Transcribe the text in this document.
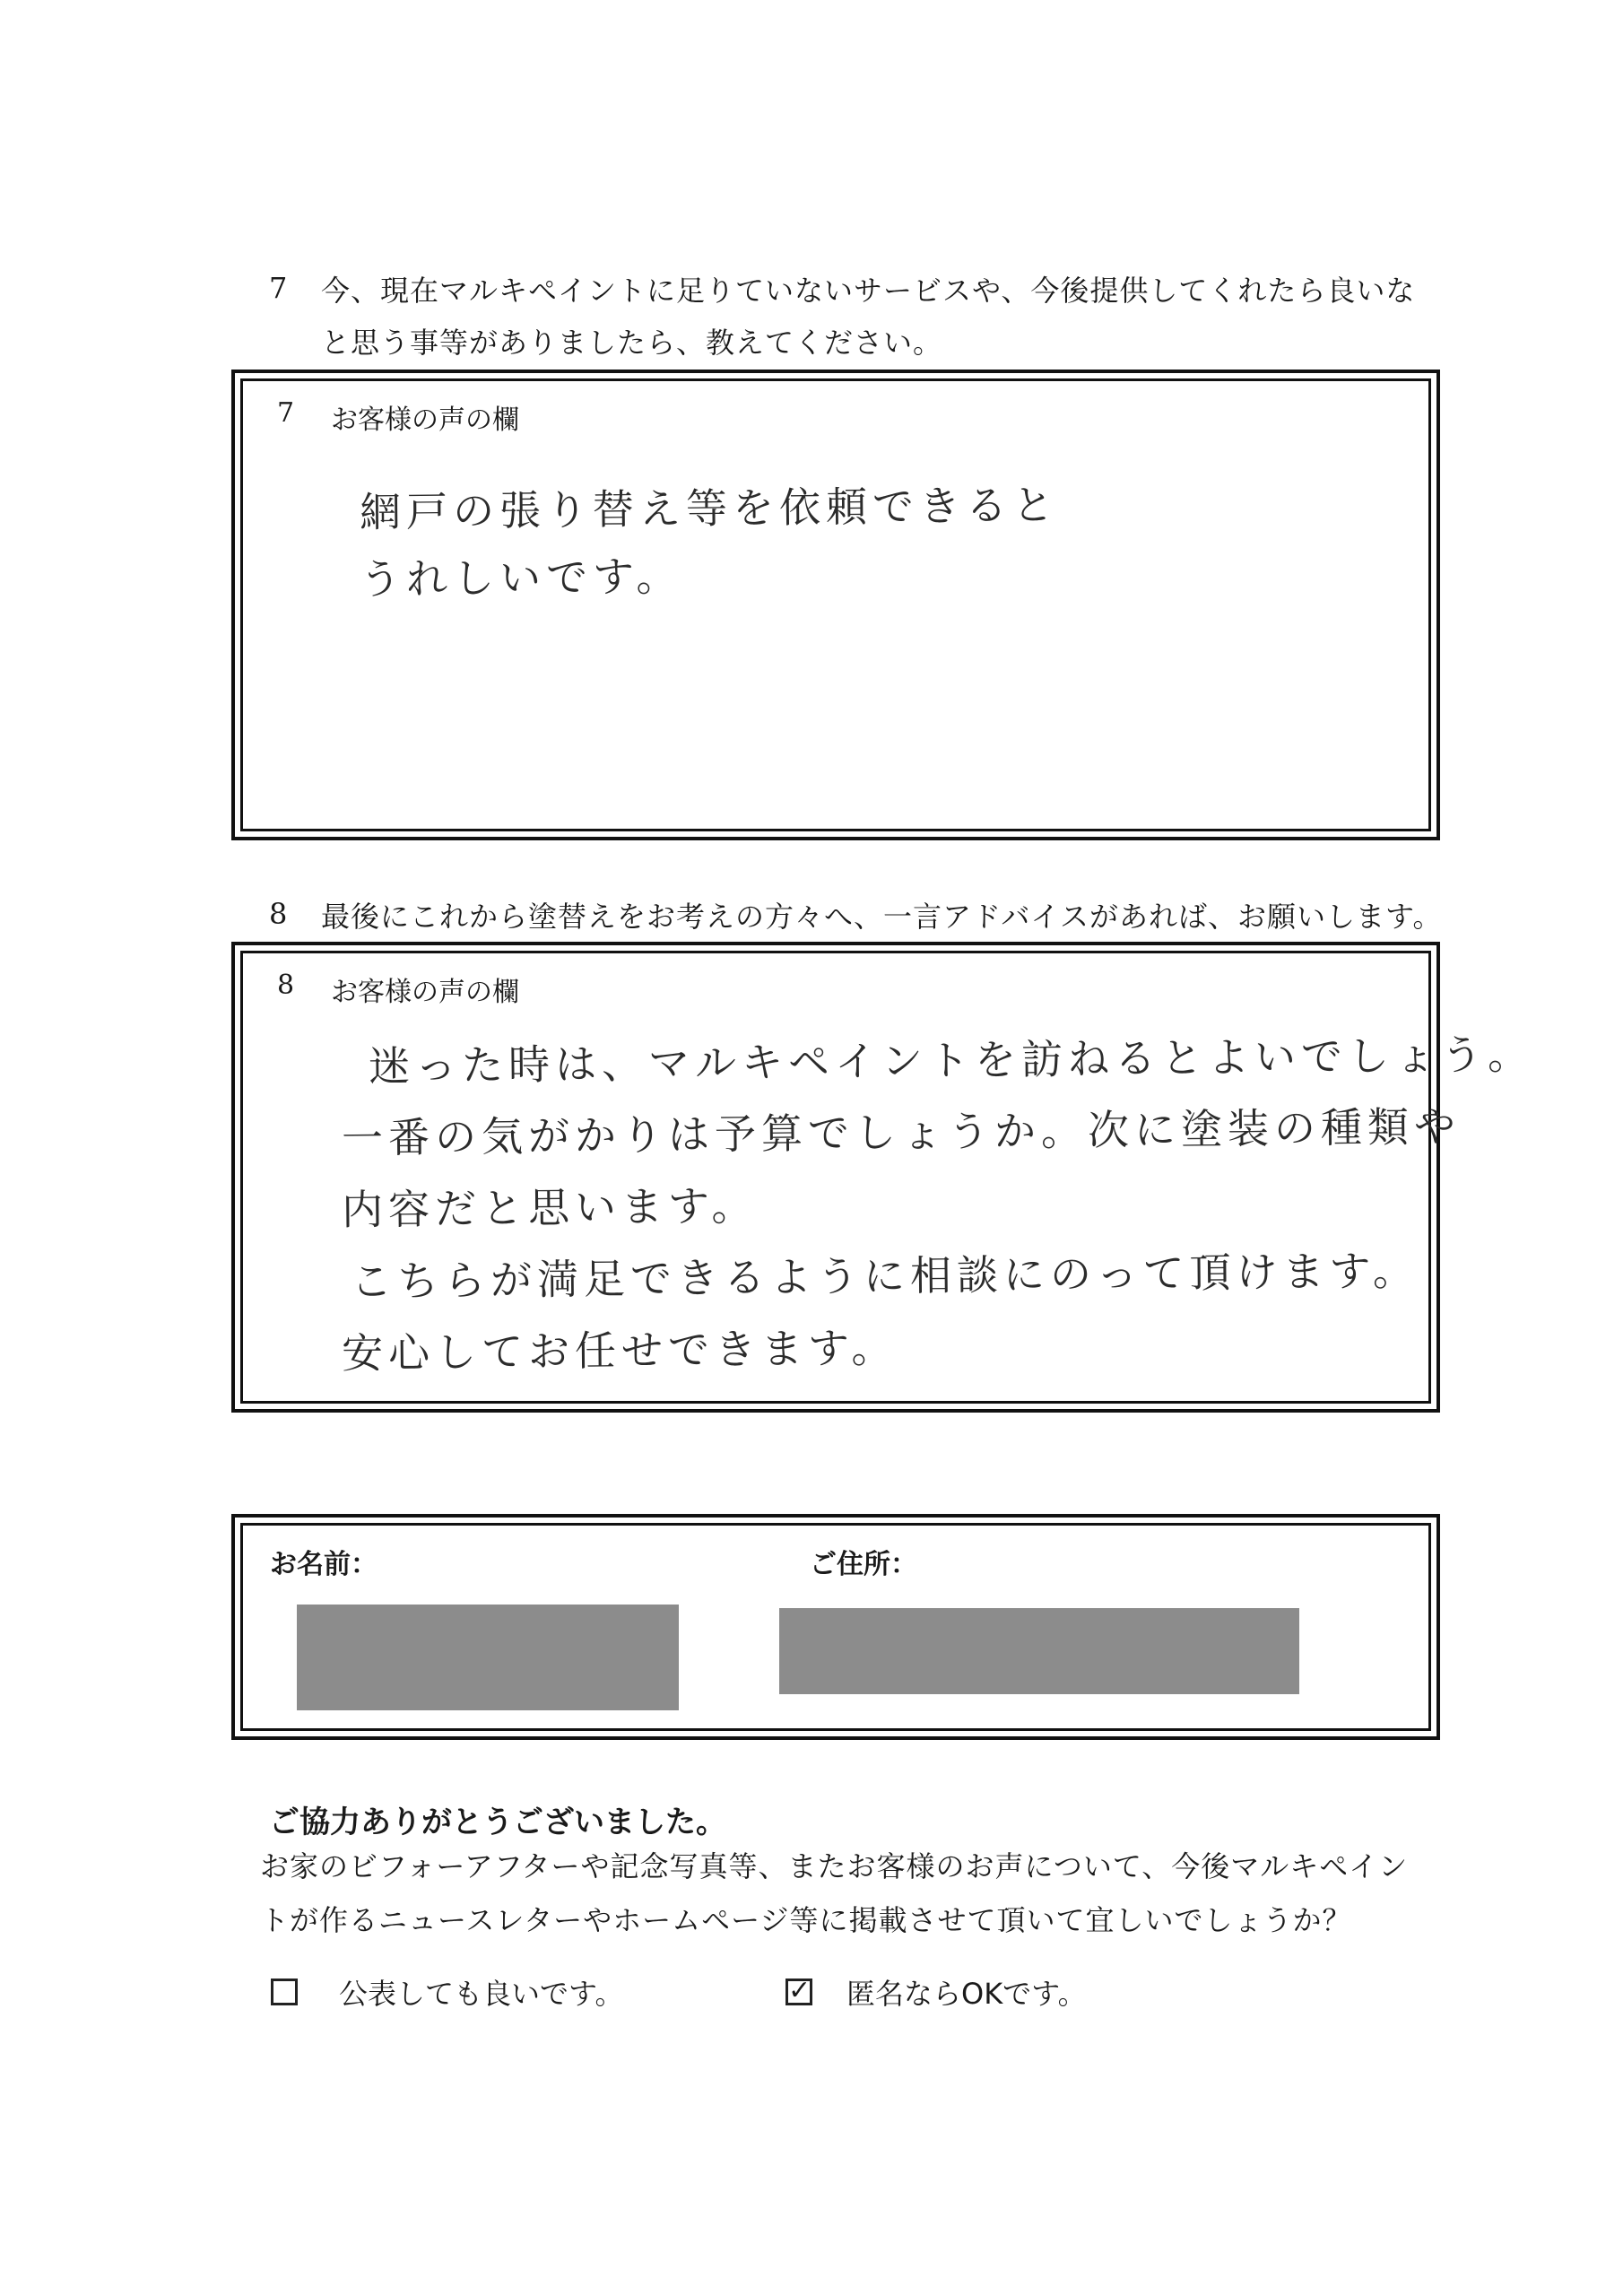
7 今、現在マルキペイントに足りていないサービスや、今後提供してくれたら良いな
と思う事等がありましたら、教えてください。
7 お客様の声の欄
網戸の張り替え等を依頼できると
うれしいです。
8 最後にこれから塗替えをお考えの方々へ、一言アドバイスがあれば、お願いします。
8 お客様の声の欄
迷った時は、マルキペイントを訪ねるとよいでしょう。
一番の気がかりは予算でしょうか。次に塗装の種類や
内容だと思います。
こちらが満足できるように相談にのって頂けます。
安心してお任せできます。
お名前：	ご住所：
ご協力ありがとうございました。
お家のビフォーアフターや記念写真等、またお客様のお声について、今後マルキペイン
トが作るニュースレターやホームページ等に掲載させて頂いて宜しいでしょうか？
公表しても良いです。	✓ 匿名ならOKです。
